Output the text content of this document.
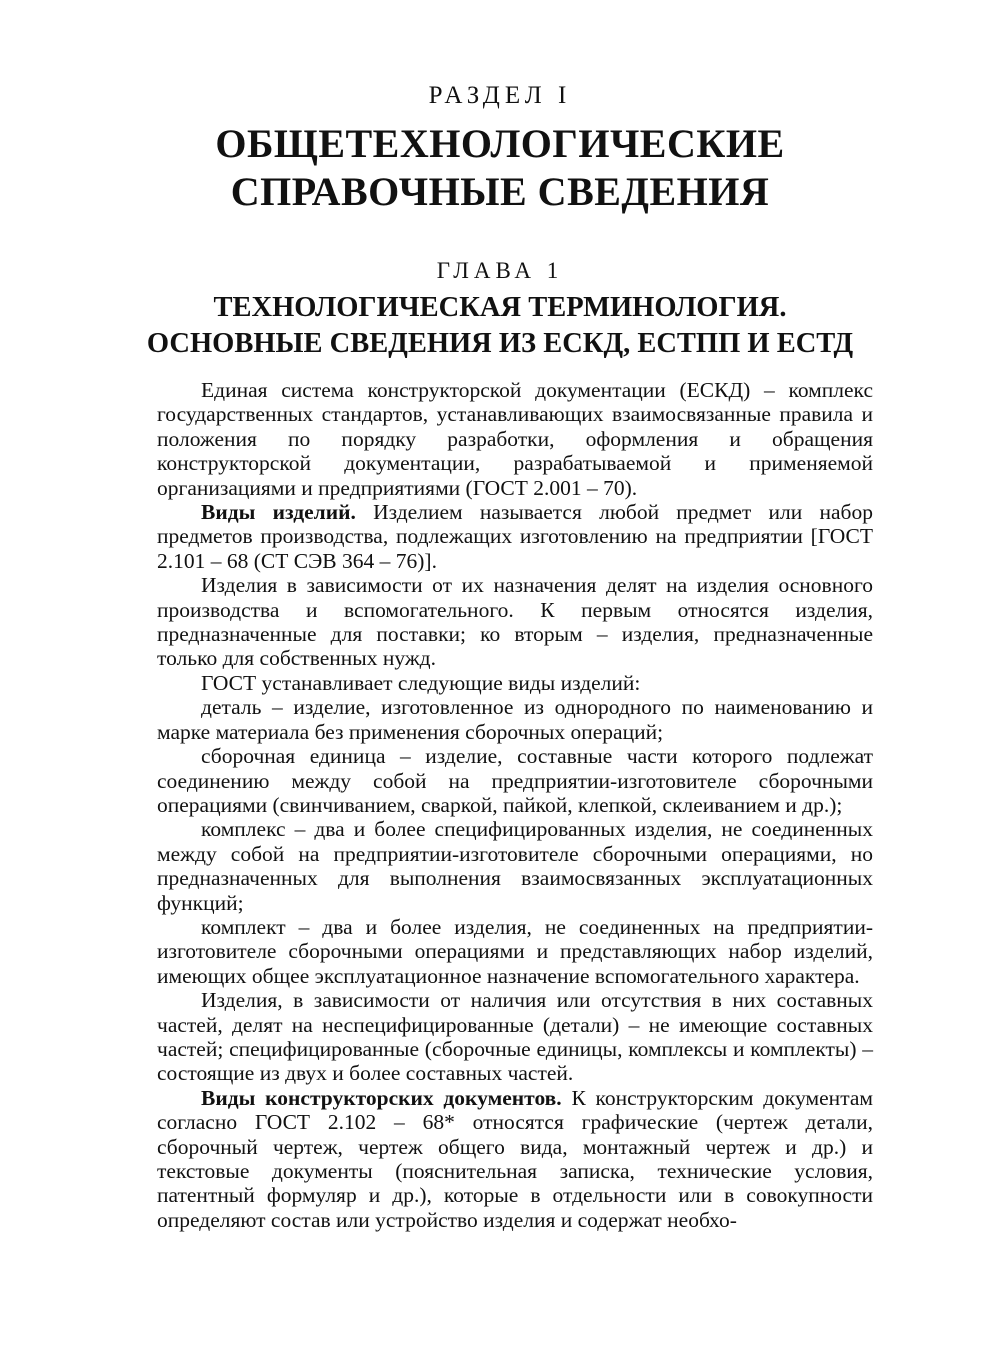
РАЗДЕЛ I
ОБЩЕТЕХНОЛОГИЧЕСКИЕ
СПРАВОЧНЫЕ СВЕДЕНИЯ
ГЛАВА 1
ТЕХНОЛОГИЧЕСКАЯ ТЕРМИНОЛОГИЯ.
ОСНОВНЫЕ СВЕДЕНИЯ ИЗ ЕСКД, ЕСТПП И ЕСТД

Единая система конструкторской документации (ЕСКД) – комплекс государственных стандартов, устанавливающих взаимосвязанные правила и положения по порядку разработки, оформления и обращения конструкторской документации, разрабатываемой и применяемой организациями и предприятиями (ГОСТ 2.001 – 70).

Виды изделий. Изделием называется любой предмет или набор предметов производства, подлежащих изготовлению на предприятии [ГОСТ 2.101 – 68 (СТ СЭВ 364 – 76)].

Изделия в зависимости от их назначения делят на изделия основного производства и вспомогательного. К первым относятся изделия, предназначенные для поставки; ко вторым – изделия, предназначенные только для собственных нужд.

ГОСТ устанавливает следующие виды изделий:

деталь – изделие, изготовленное из однородного по наименованию и марке материала без применения сборочных операций;

сборочная единица – изделие, составные части которого подлежат соединению между собой на предприятии-изготовителе сборочными операциями (свинчиванием, сваркой, пайкой, клепкой, склеиванием и др.);

комплекс – два и более специфицированных изделия, не соединенных между собой на предприятии-изготовителе сборочными операциями, но предназначенных для выполнения взаимосвязанных эксплуатационных функций;

комплект – два и более изделия, не соединенных на предприятии-изготовителе сборочными операциями и представляющих набор изделий, имеющих общее эксплуатационное назначение вспомогательного характера.

Изделия, в зависимости от наличия или отсутствия в них составных частей, делят на неспецифицированные (детали) – не имеющие составных частей; специфицированные (сборочные единицы, комплексы и комплекты) – состоящие из двух и более составных частей.

Виды конструкторских документов. К конструкторским документам согласно ГОСТ 2.102 – 68* относятся графические (чертеж детали, сборочный чертеж, чертеж общего вида, монтажный чертеж и др.) и текстовые документы (пояснительная записка, технические условия, патентный формуляр и др.), которые в отдельности или в совокупности определяют состав или устройство изделия и содержат необхо-
